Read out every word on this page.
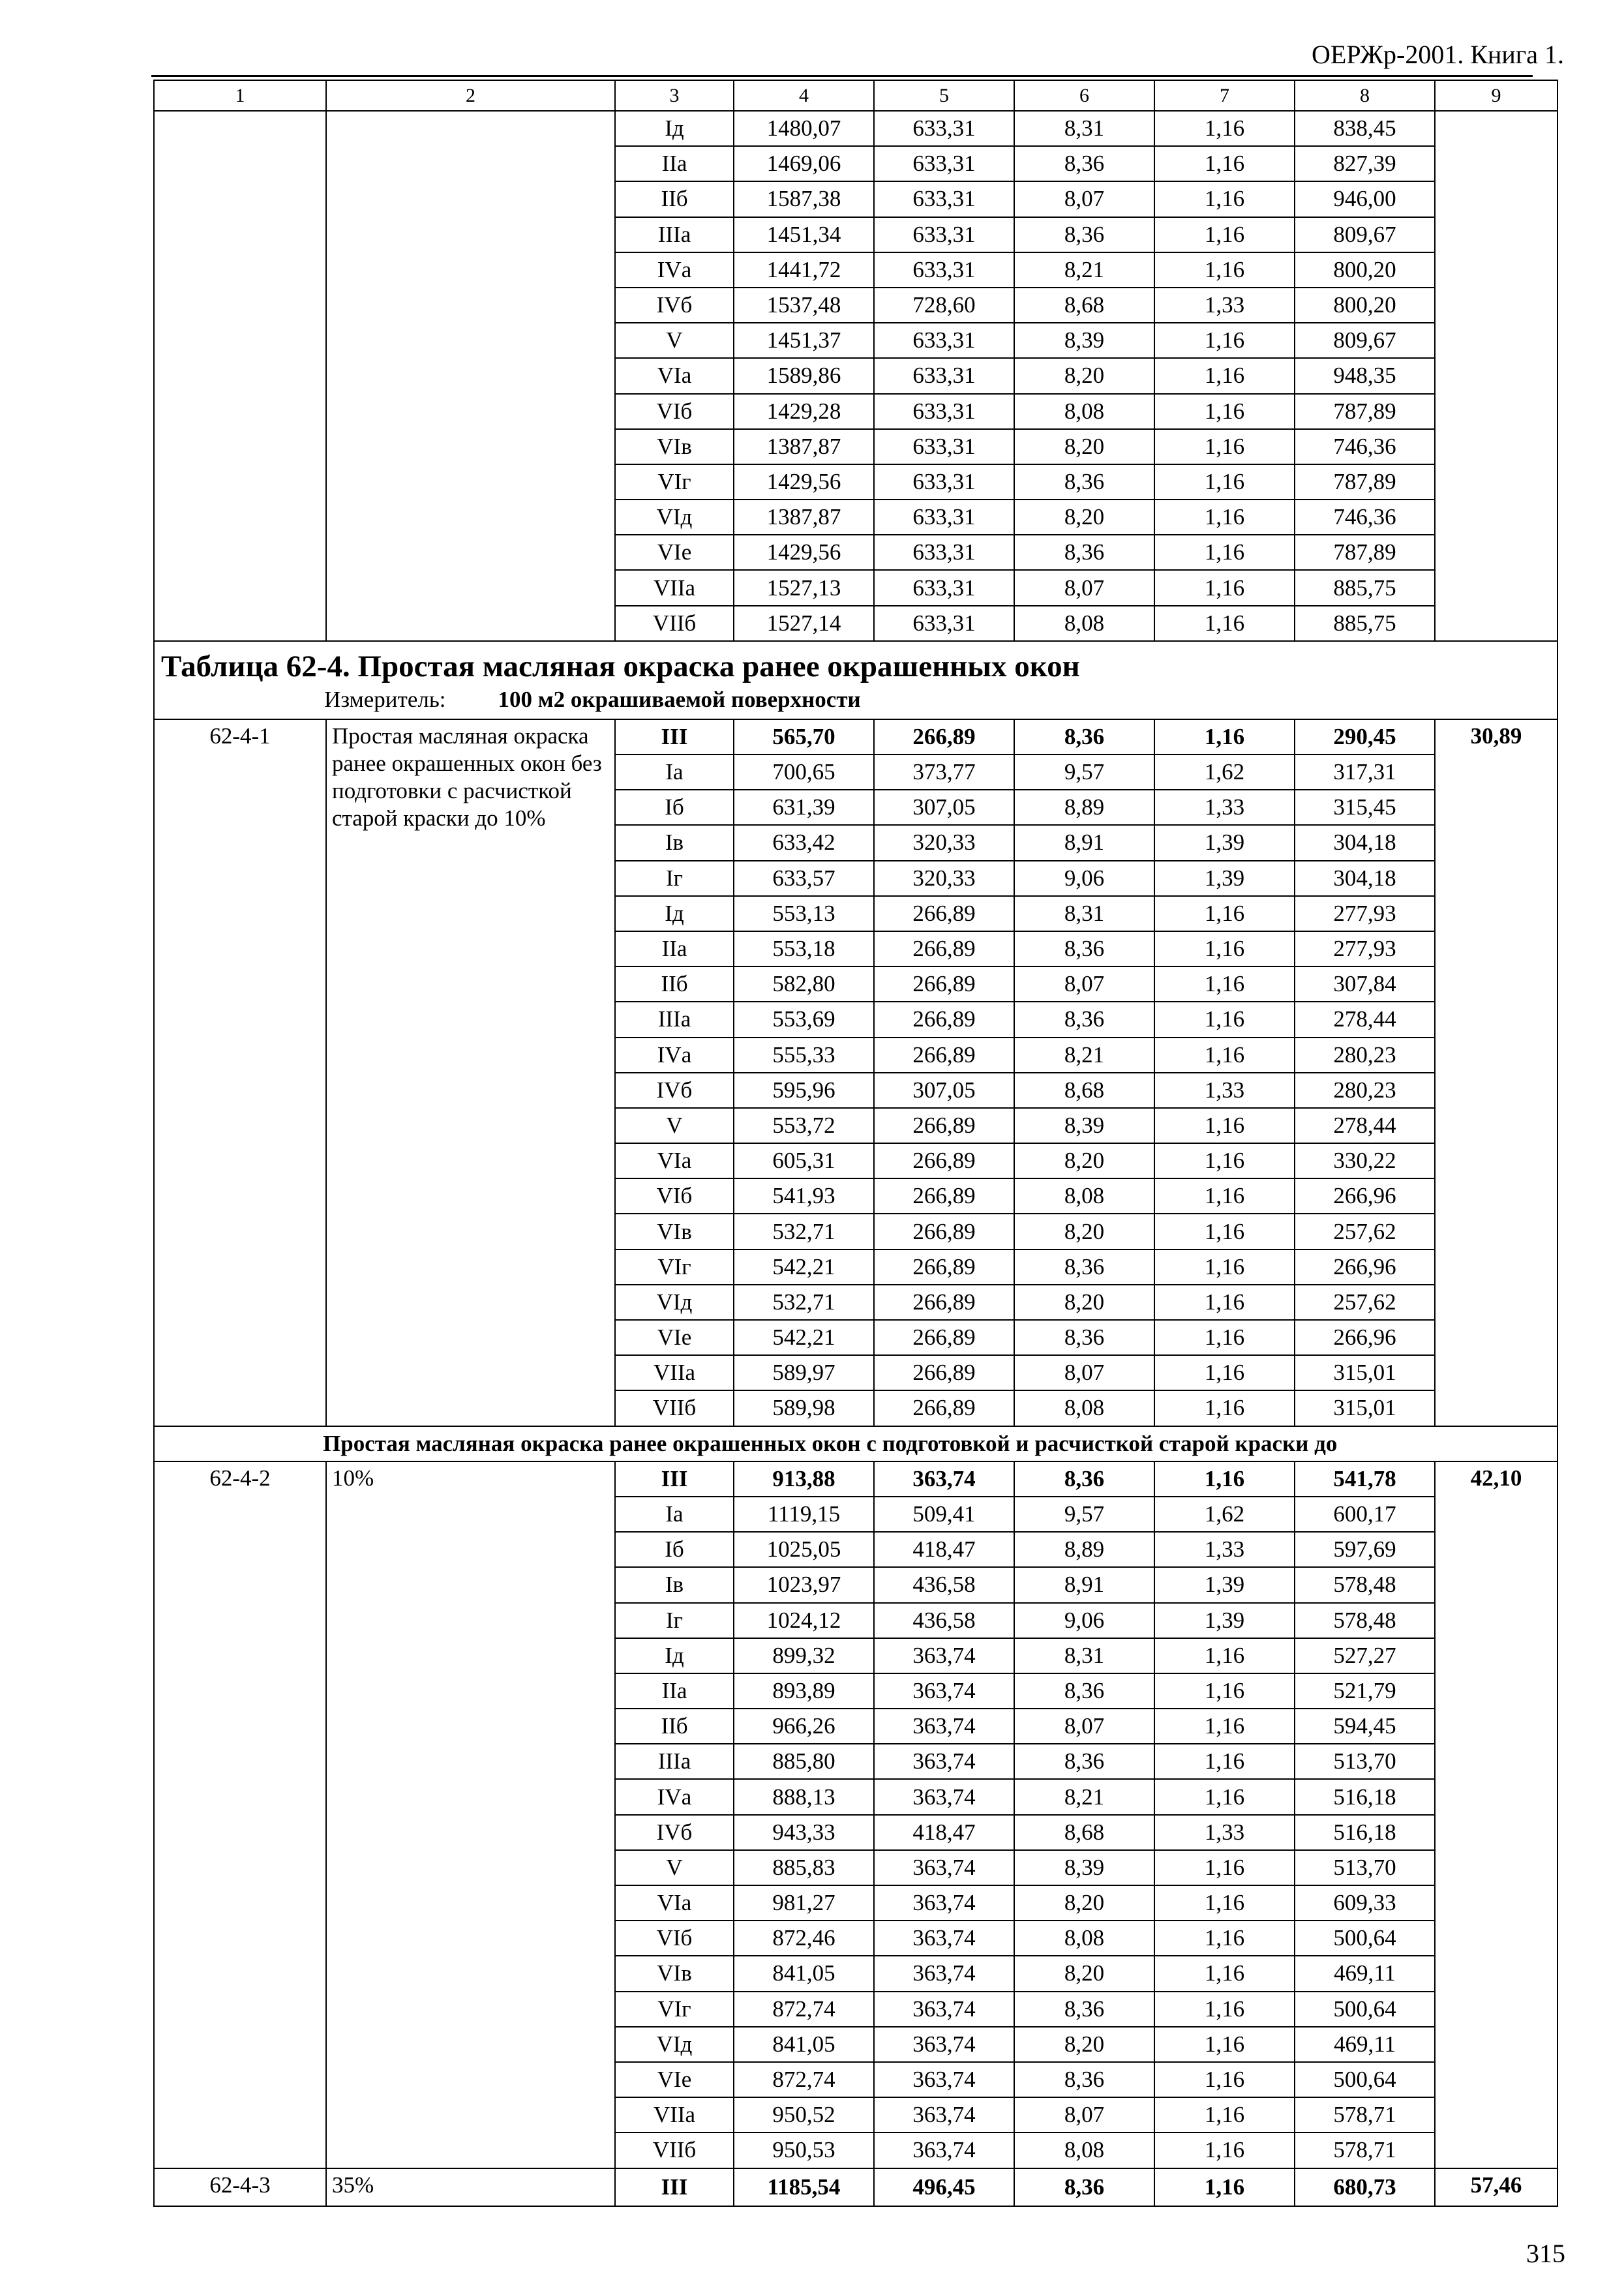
ОЕРЖр-2001. Книга 1.
1	2	3	4	5	6	7	8	9
		Iд	1480,07	633,31	8,31	1,16	838,45	
		IIа	1469,06	633,31	8,36	1,16	827,39	
		IIб	1587,38	633,31	8,07	1,16	946,00	
		IIIа	1451,34	633,31	8,36	1,16	809,67	
		IVа	1441,72	633,31	8,21	1,16	800,20	
		IVб	1537,48	728,60	8,68	1,33	800,20	
		V	1451,37	633,31	8,39	1,16	809,67	
		VIа	1589,86	633,31	8,20	1,16	948,35	
		VIб	1429,28	633,31	8,08	1,16	787,89	
		VIв	1387,87	633,31	8,20	1,16	746,36	
		VIг	1429,56	633,31	8,36	1,16	787,89	
		VIд	1387,87	633,31	8,20	1,16	746,36	
		VIе	1429,56	633,31	8,36	1,16	787,89	
		VIIа	1527,13	633,31	8,07	1,16	885,75	
		VIIб	1527,14	633,31	8,08	1,16	885,75	

Таблица 62-4. Простая масляная окраска ранее окрашенных окон
Измеритель: 100 м2 окрашиваемой поверхности								

62-4-1	Простая масляная окраска ранее окрашенных окон без подготовки с расчисткой старой краски до 10%	III	565,70	266,89	8,36	1,16	290,45	30,89
		Iа	700,65	373,77	9,57	1,62	317,31	
		Iб	631,39	307,05	8,89	1,33	315,45	
		Iв	633,42	320,33	8,91	1,39	304,18	
		Iг	633,57	320,33	9,06	1,39	304,18	
		Iд	553,13	266,89	8,31	1,16	277,93	
		IIа	553,18	266,89	8,36	1,16	277,93	
		IIб	582,80	266,89	8,07	1,16	307,84	
		IIIа	553,69	266,89	8,36	1,16	278,44	
		IVа	555,33	266,89	8,21	1,16	280,23	
		IVб	595,96	307,05	8,68	1,33	280,23	
		V	553,72	266,89	8,39	1,16	278,44	
		VIа	605,31	266,89	8,20	1,16	330,22	
		VIб	541,93	266,89	8,08	1,16	266,96	
		VIв	532,71	266,89	8,20	1,16	257,62	
		VIг	542,21	266,89	8,36	1,16	266,96	
		VIд	532,71	266,89	8,20	1,16	257,62	
		VIе	542,21	266,89	8,36	1,16	266,96	
		VIIа	589,97	266,89	8,07	1,16	315,01	
		VIIб	589,98	266,89	8,08	1,16	315,01	
Простая масляная окраска ранее окрашенных окон с подготовкой и расчисткой старой краски до								
62-4-2	10%	III	913,88	363,74	8,36	1,16	541,78	42,10
		Iа	1119,15	509,41	9,57	1,62	600,17	
		Iб	1025,05	418,47	8,89	1,33	597,69	
		Iв	1023,97	436,58	8,91	1,39	578,48	
		Iг	1024,12	436,58	9,06	1,39	578,48	
		Iд	899,32	363,74	8,31	1,16	527,27	
		IIа	893,89	363,74	8,36	1,16	521,79	
		IIб	966,26	363,74	8,07	1,16	594,45	
		IIIа	885,80	363,74	8,36	1,16	513,70	
		IVа	888,13	363,74	8,21	1,16	516,18	
		IVб	943,33	418,47	8,68	1,33	516,18	
		V	885,83	363,74	8,39	1,16	513,70	
		VIа	981,27	363,74	8,20	1,16	609,33	
		VIб	872,46	363,74	8,08	1,16	500,64	
		VIв	841,05	363,74	8,20	1,16	469,11	
		VIг	872,74	363,74	8,36	1,16	500,64	
		VIд	841,05	363,74	8,20	1,16	469,11	
		VIе	872,74	363,74	8,36	1,16	500,64	
		VIIа	950,52	363,74	8,07	1,16	578,71	
		VIIб	950,53	363,74	8,08	1,16	578,71	
62-4-3	35%	III	1185,54	496,45	8,36	1,16	680,73	57,46
315
